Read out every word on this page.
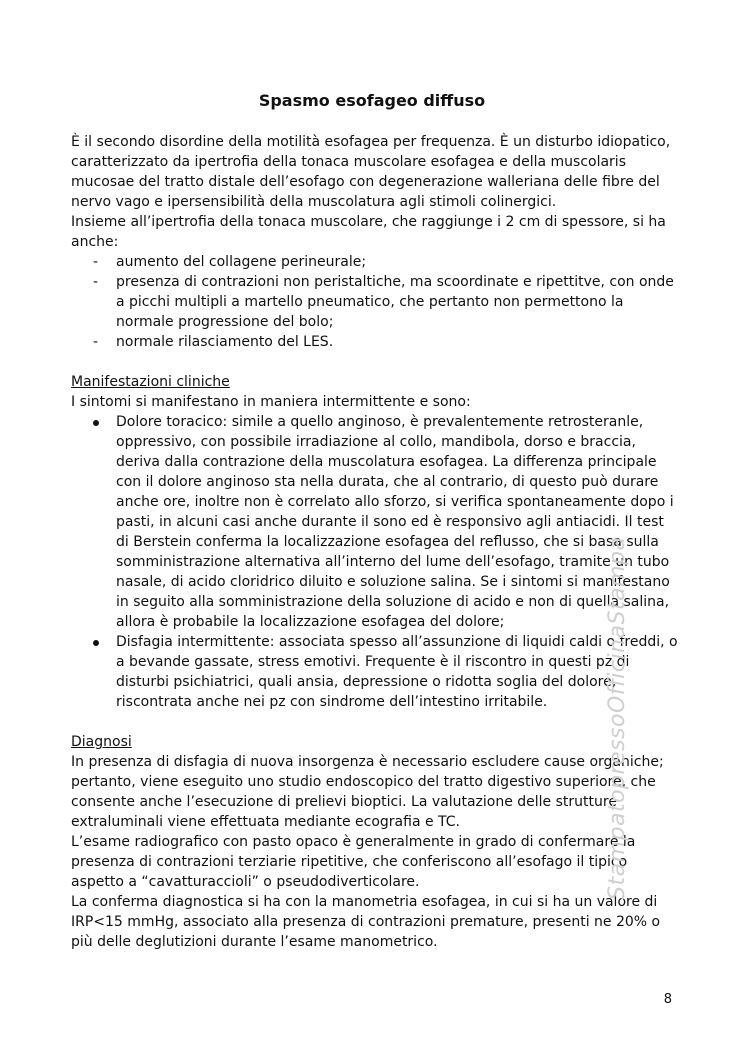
Spasmo esofageo diffuso

È il secondo disordine della motilità esofagea per frequenza. È un disturbo idiopatico, caratterizzato da ipertrofia della tonaca muscolare esofagea e della muscolaris mucosae del tratto distale dell’esofago con degenerazione walleriana delle fibre del nervo vago e ipersensibilità della muscolatura agli stimoli colinergici.

Insieme all’ipertrofia della tonaca muscolare, che raggiunge i 2 cm di spessore, si ha anche:

- aumento del collagene perineurale;
- presenza di contrazioni non peristaltiche, ma scoordinate e ripettitve, con onde a picchi multipli a martello pneumatico, che pertanto non permettono la normale progressione del bolo;
- normale rilasciamento del LES.

Manifestazioni cliniche

I sintomi si manifestano in maniera intermittente e sono:

Dolore toracico: simile a quello anginoso, è prevalentemente retrosteranle, oppressivo, con possibile irradiazione al collo, mandibola, dorso e braccia, deriva dalla contrazione della muscolatura esofagea. La differenza principale con il dolore anginoso sta nella durata, che al contrario, di questo può durare anche ore, inoltre non è correlato allo sforzo, si verifica spontaneamente dopo i pasti, in alcuni casi anche durante il sono ed è responsivo agli antiacidi. Il test di Berstein conferma la localizzazione esofagea del reflusso, che si basa sulla somministrazione alternativa all’interno del lume dell’esofago, tramite un tubo nasale, di acido cloridrico diluito e soluzione salina. Se i sintomi si manifestano in seguito alla somministrazione della soluzione di acido e non di quella salina, allora è probabile la localizzazione esofagea del dolore;
Disfagia intermittente: associata spesso all’assunzione di liquidi caldi o freddi, o a bevande gassate, stress emotivi. Frequente è il riscontro in questi pz di disturbi psichiatrici, quali ansia, depressione o ridotta soglia del dolore, riscontrata anche nei pz con sindrome dell’intestino irritabile.

Diagnosi

In presenza di disfagia di nuova insorgenza è necessario escludere cause organiche; pertanto, viene eseguito uno studio endoscopico del tratto digestivo superiore, che consente anche l’esecuzione di prelievi bioptici. La valutazione delle strutture extraluminali viene effettuata mediante ecografia e TC.

L’esame radiografico con pasto opaco è generalmente in grado di confermare la presenza di contrazioni terziarie ripetitive, che conferiscono all’esofago il tipico aspetto a “cavatturaccioli” o pseudodiverticolare.

La conferma diagnostica si ha con la manometria esofagea, in cui si ha un valore di IRP<15 mmHg, associato alla presenza di contrazioni premature, presenti ne 20% o più delle deglutizioni durante l’esame manometrico.

StampatopressoOfficinaStampa
8
